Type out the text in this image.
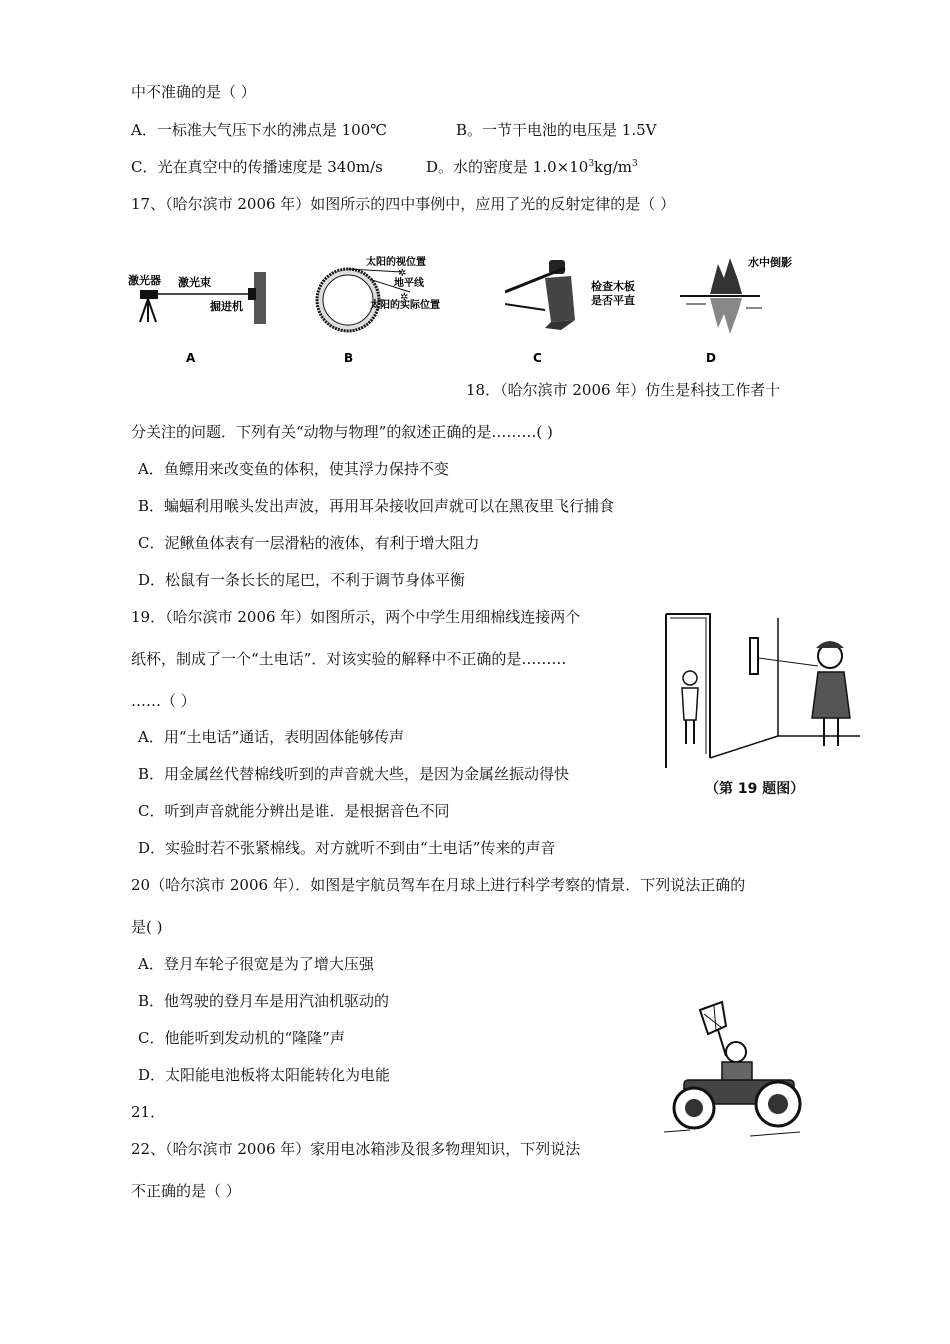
中不准确的是（ ）
A．一标准大气压下水的沸点是 100℃	B。一节干电池的电压是 1.5V
C．光在真空中的传播速度是 340m/s	D。水的密度是 $1.0\times 10^3kg/m^3$
17、（哈尔滨市 2006 年）如图所示的四中事例中，应用了光的反射定律的是（ ）
激光器 激光束
掘进机
A
太阳的视位置
地平线
太阳的实际位置
✲
✲
B
检查木板
是否平直
C
水中倒影
D
18．（哈尔滨市 2006 年）仿生是科技工作者十
分关注的问题．下列有关“动物与物理”的叙述正确的是………( )
A．鱼鳔用来改变鱼的体积，使其浮力保持不变
B．蝙蝠利用喉头发出声波，再用耳朵接收回声就可以在黑夜里飞行捕食
C．泥鳅鱼体表有一层滑粘的液体，有利于增大阻力
D．松鼠有一条长长的尾巴，不利于调节身体平衡
19．（哈尔滨市 2006 年）如图所示，两个中学生用细棉线连接两个
纸杯，制成了一个“土电话”．对该实验的解释中不正确的是………
……（ ）
A．用“土电话”通话，表明固体能够传声
B．用金属丝代替棉线听到的声音就大些，是因为金属丝振动得快
C．听到声音就能分辨出是谁．是根据音色不同
D．实验时若不张紧棉线。对方就听不到由“土电话”传来的声音
（第 19 题图）
20（哈尔滨市 2006 年）．如图是宇航员驾车在月球上进行科学考察的情景．下列说法正确的
是( )
A．登月车轮子很宽是为了增大压强
B．他驾驶的登月车是用汽油机驱动的
C．他能听到发动机的“隆隆”声
D．太阳能电池板将太阳能转化为电能
21．
22、（哈尔滨市 2006 年）家用电冰箱涉及很多物理知识，下列说法
不正确的是（ ）
